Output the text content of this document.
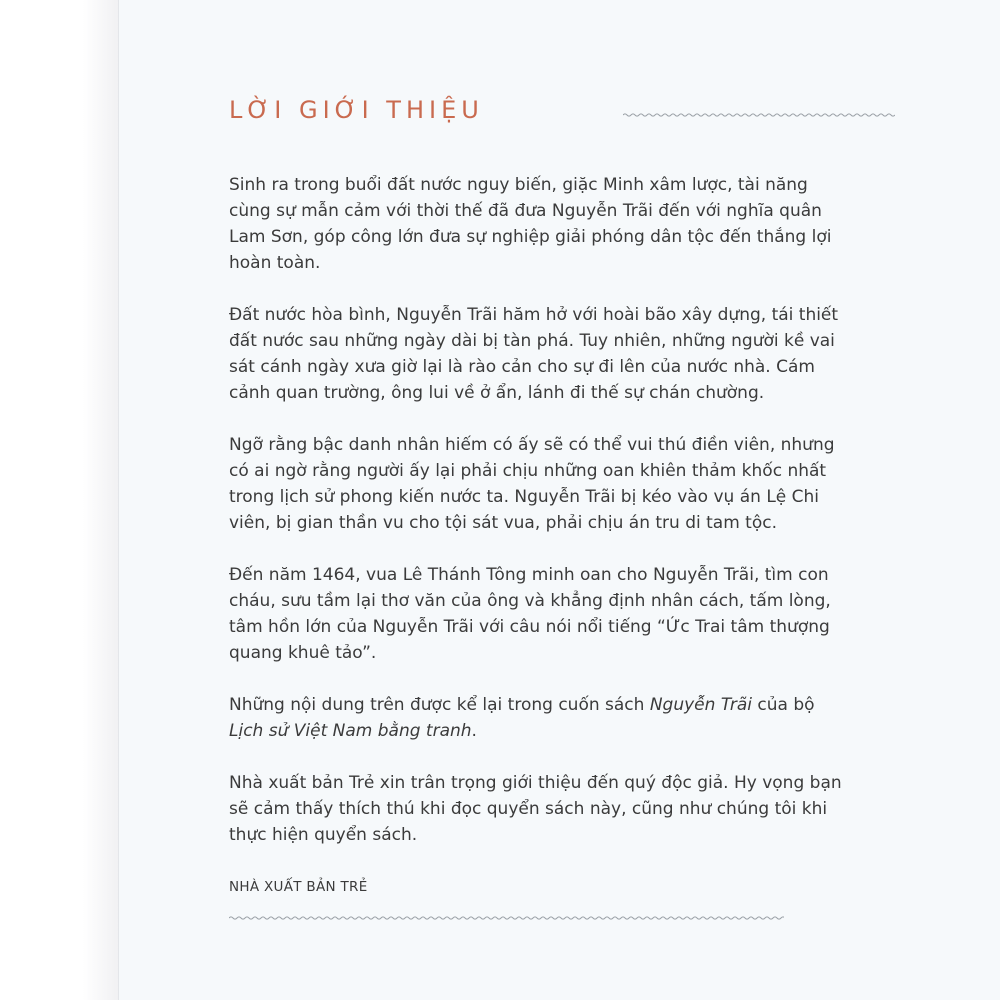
LỜI GIỚI THIỆU

Sinh ra trong buổi đất nước nguy biến, giặc Minh xâm lược, tài năng
cùng sự mẫn cảm với thời thế đã đưa Nguyễn Trãi đến với nghĩa quân
Lam Sơn, góp công lớn đưa sự nghiệp giải phóng dân tộc đến thắng lợi
hoàn toàn.

Đất nước hòa bình, Nguyễn Trãi hăm hở với hoài bão xây dựng, tái thiết
đất nước sau những ngày dài bị tàn phá. Tuy nhiên, những người kề vai
sát cánh ngày xưa giờ lại là rào cản cho sự đi lên của nước nhà. Cám
cảnh quan trường, ông lui về ở ẩn, lánh đi thế sự chán chường.

Ngỡ rằng bậc danh nhân hiếm có ấy sẽ có thể vui thú điền viên, nhưng
có ai ngờ rằng người ấy lại phải chịu những oan khiên thảm khốc nhất
trong lịch sử phong kiến nước ta. Nguyễn Trãi bị kéo vào vụ án Lệ Chi
viên, bị gian thần vu cho tội sát vua, phải chịu án tru di tam tộc.

Đến năm 1464, vua Lê Thánh Tông minh oan cho Nguyễn Trãi, tìm con
cháu, sưu tầm lại thơ văn của ông và khẳng định nhân cách, tấm lòng,
tâm hồn lớn của Nguyễn Trãi với câu nói nổi tiếng “Ức Trai tâm thượng
quang khuê tảo”.

Những nội dung trên được kể lại trong cuốn sách Nguyễn Trãi của bộ
Lịch sử Việt Nam bằng tranh.

Nhà xuất bản Trẻ xin trân trọng giới thiệu đến quý độc giả. Hy vọng bạn
sẽ cảm thấy thích thú khi đọc quyển sách này, cũng như chúng tôi khi
thực hiện quyển sách.

NHÀ XUẤT BẢN TRẺ
